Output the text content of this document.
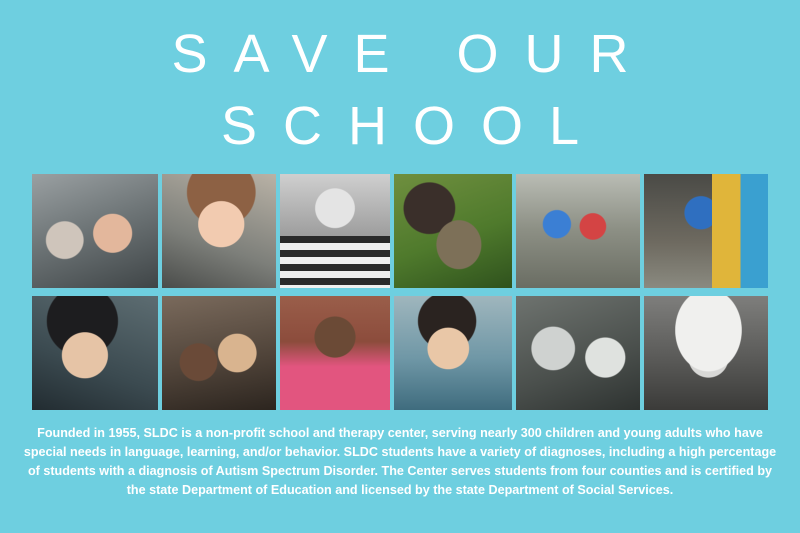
SAVE OUR
SCHOOL
Founded in 1955, SLDC is a non-profit school and therapy center, serving nearly 300 children and young adults who have special needs in language, learning, and/or behavior. SLDC students have a variety of diagnoses, including a high percentage of students with a diagnosis of Autism Spectrum Disorder. The Center serves students from four counties and is certified by the state Department of Education and licensed by the state Department of Social Services.
